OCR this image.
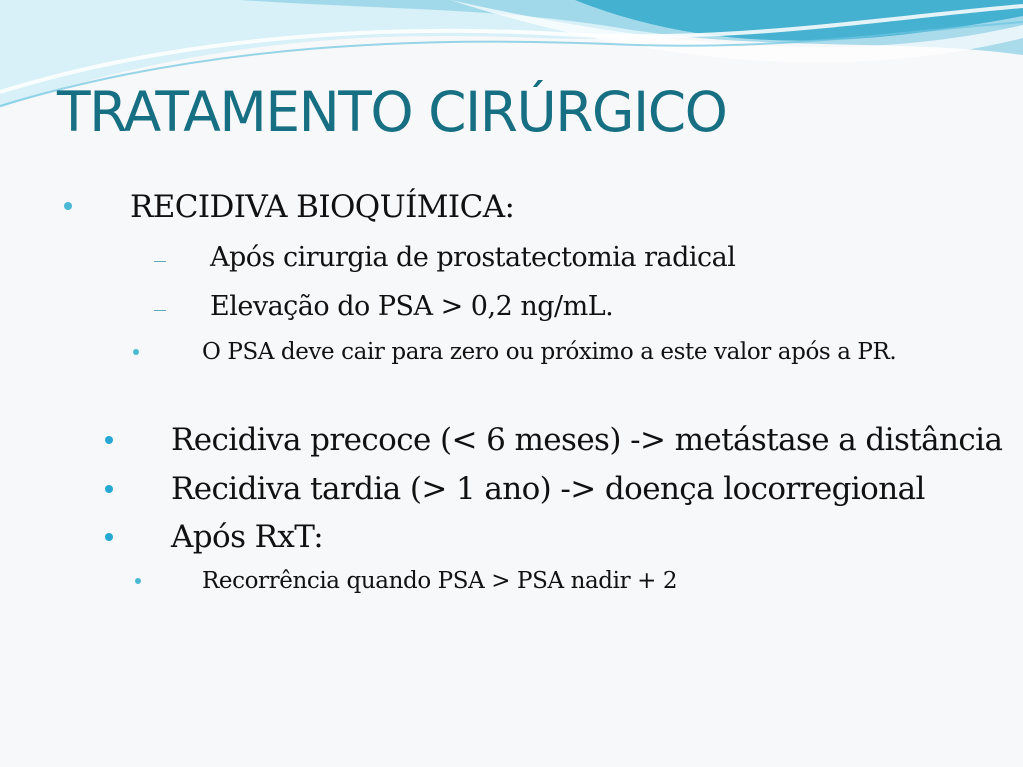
TRATAMENTO CIRÚRGICO
RECIDIVA BIOQUÍMICA:
Após cirurgia de prostatectomia radical
Elevação do PSA > 0,2 ng/mL.
O PSA deve cair para zero ou próximo a este valor após a PR.
Recidiva precoce (< 6 meses) -> metástase a distância
Recidiva tardia (> 1 ano) -> doença locorregional
Após RxT:
Recorrência quando PSA > PSA nadir + 2
